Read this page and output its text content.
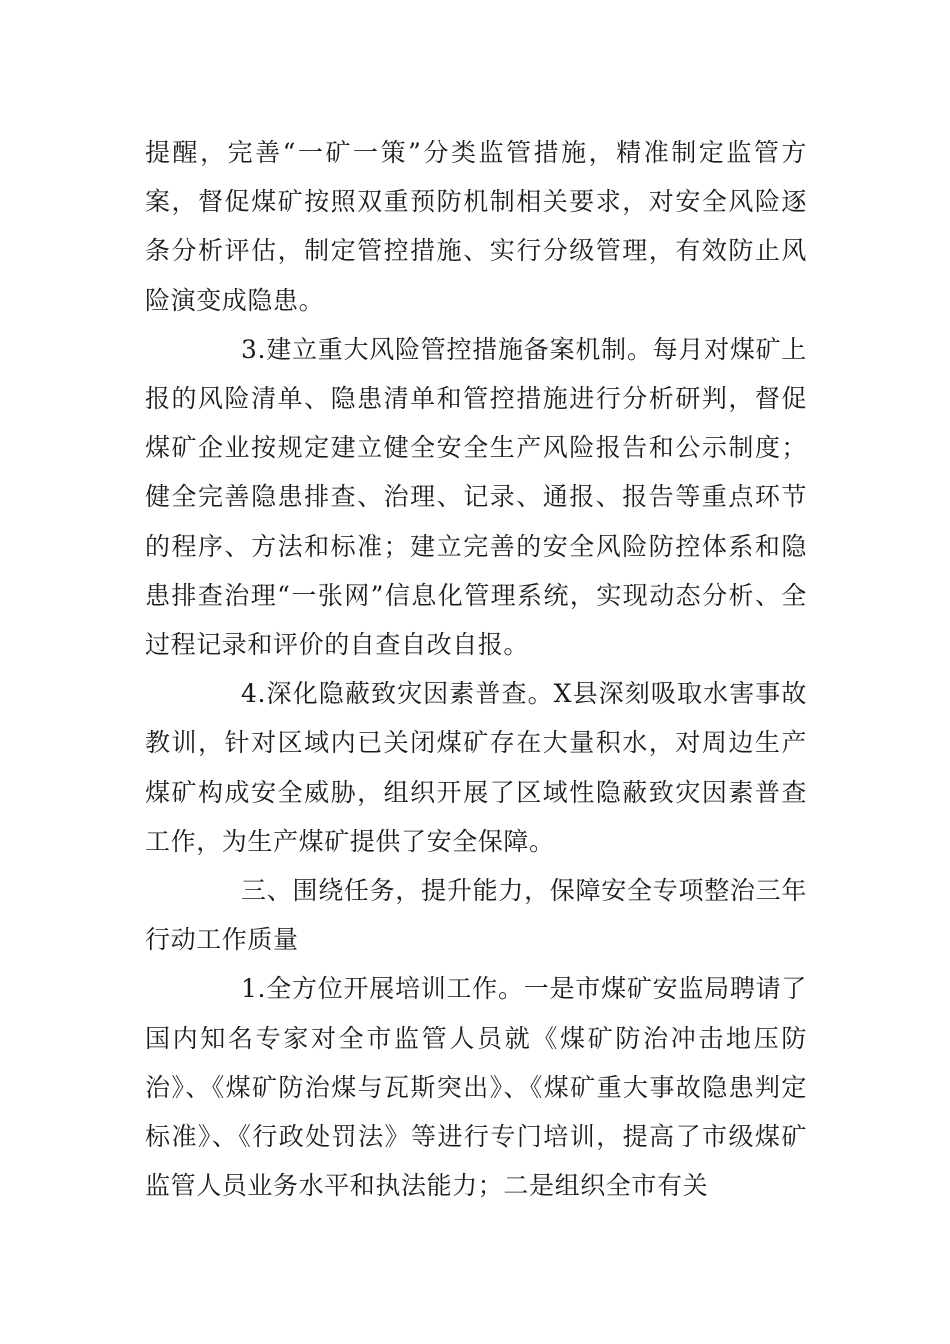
提醒，完善“一矿一策”分类监管措施，精准制定监管方案，督促煤矿按照双重预防机制相关要求，对安全风险逐条分析评估，制定管控措施、实行分级管理，有效防止风险演变成隐患。

3.建立重大风险管控措施备案机制。每月对煤矿上报的风险清单、隐患清单和管控措施进行分析研判，督促煤矿企业按规定建立健全安全生产风险报告和公示制度；健全完善隐患排查、治理、记录、通报、报告等重点环节的程序、方法和标准；建立完善的安全风险防控体系和隐患排查治理“一张网”信息化管理系统，实现动态分析、全过程记录和评价的自查自改自报。

4.深化隐蔽致灾因素普查。X县深刻吸取水害事故教训，针对区域内已关闭煤矿存在大量积水，对周边生产煤矿构成安全威胁，组织开展了区域性隐蔽致灾因素普查工作，为生产煤矿提供了安全保障。

三、围绕任务，提升能力，保障安全专项整治三年行动工作质量

1.全方位开展培训工作。一是市煤矿安监局聘请了国内知名专家对全市监管人员就《煤矿防治冲击地压防治》、《煤矿防治煤与瓦斯突出》、《煤矿重大事故隐患判定标准》、《行政处罚法》等进行专门培训，提高了市级煤矿监管人员业务水平和执法能力；二是组织全市有关
